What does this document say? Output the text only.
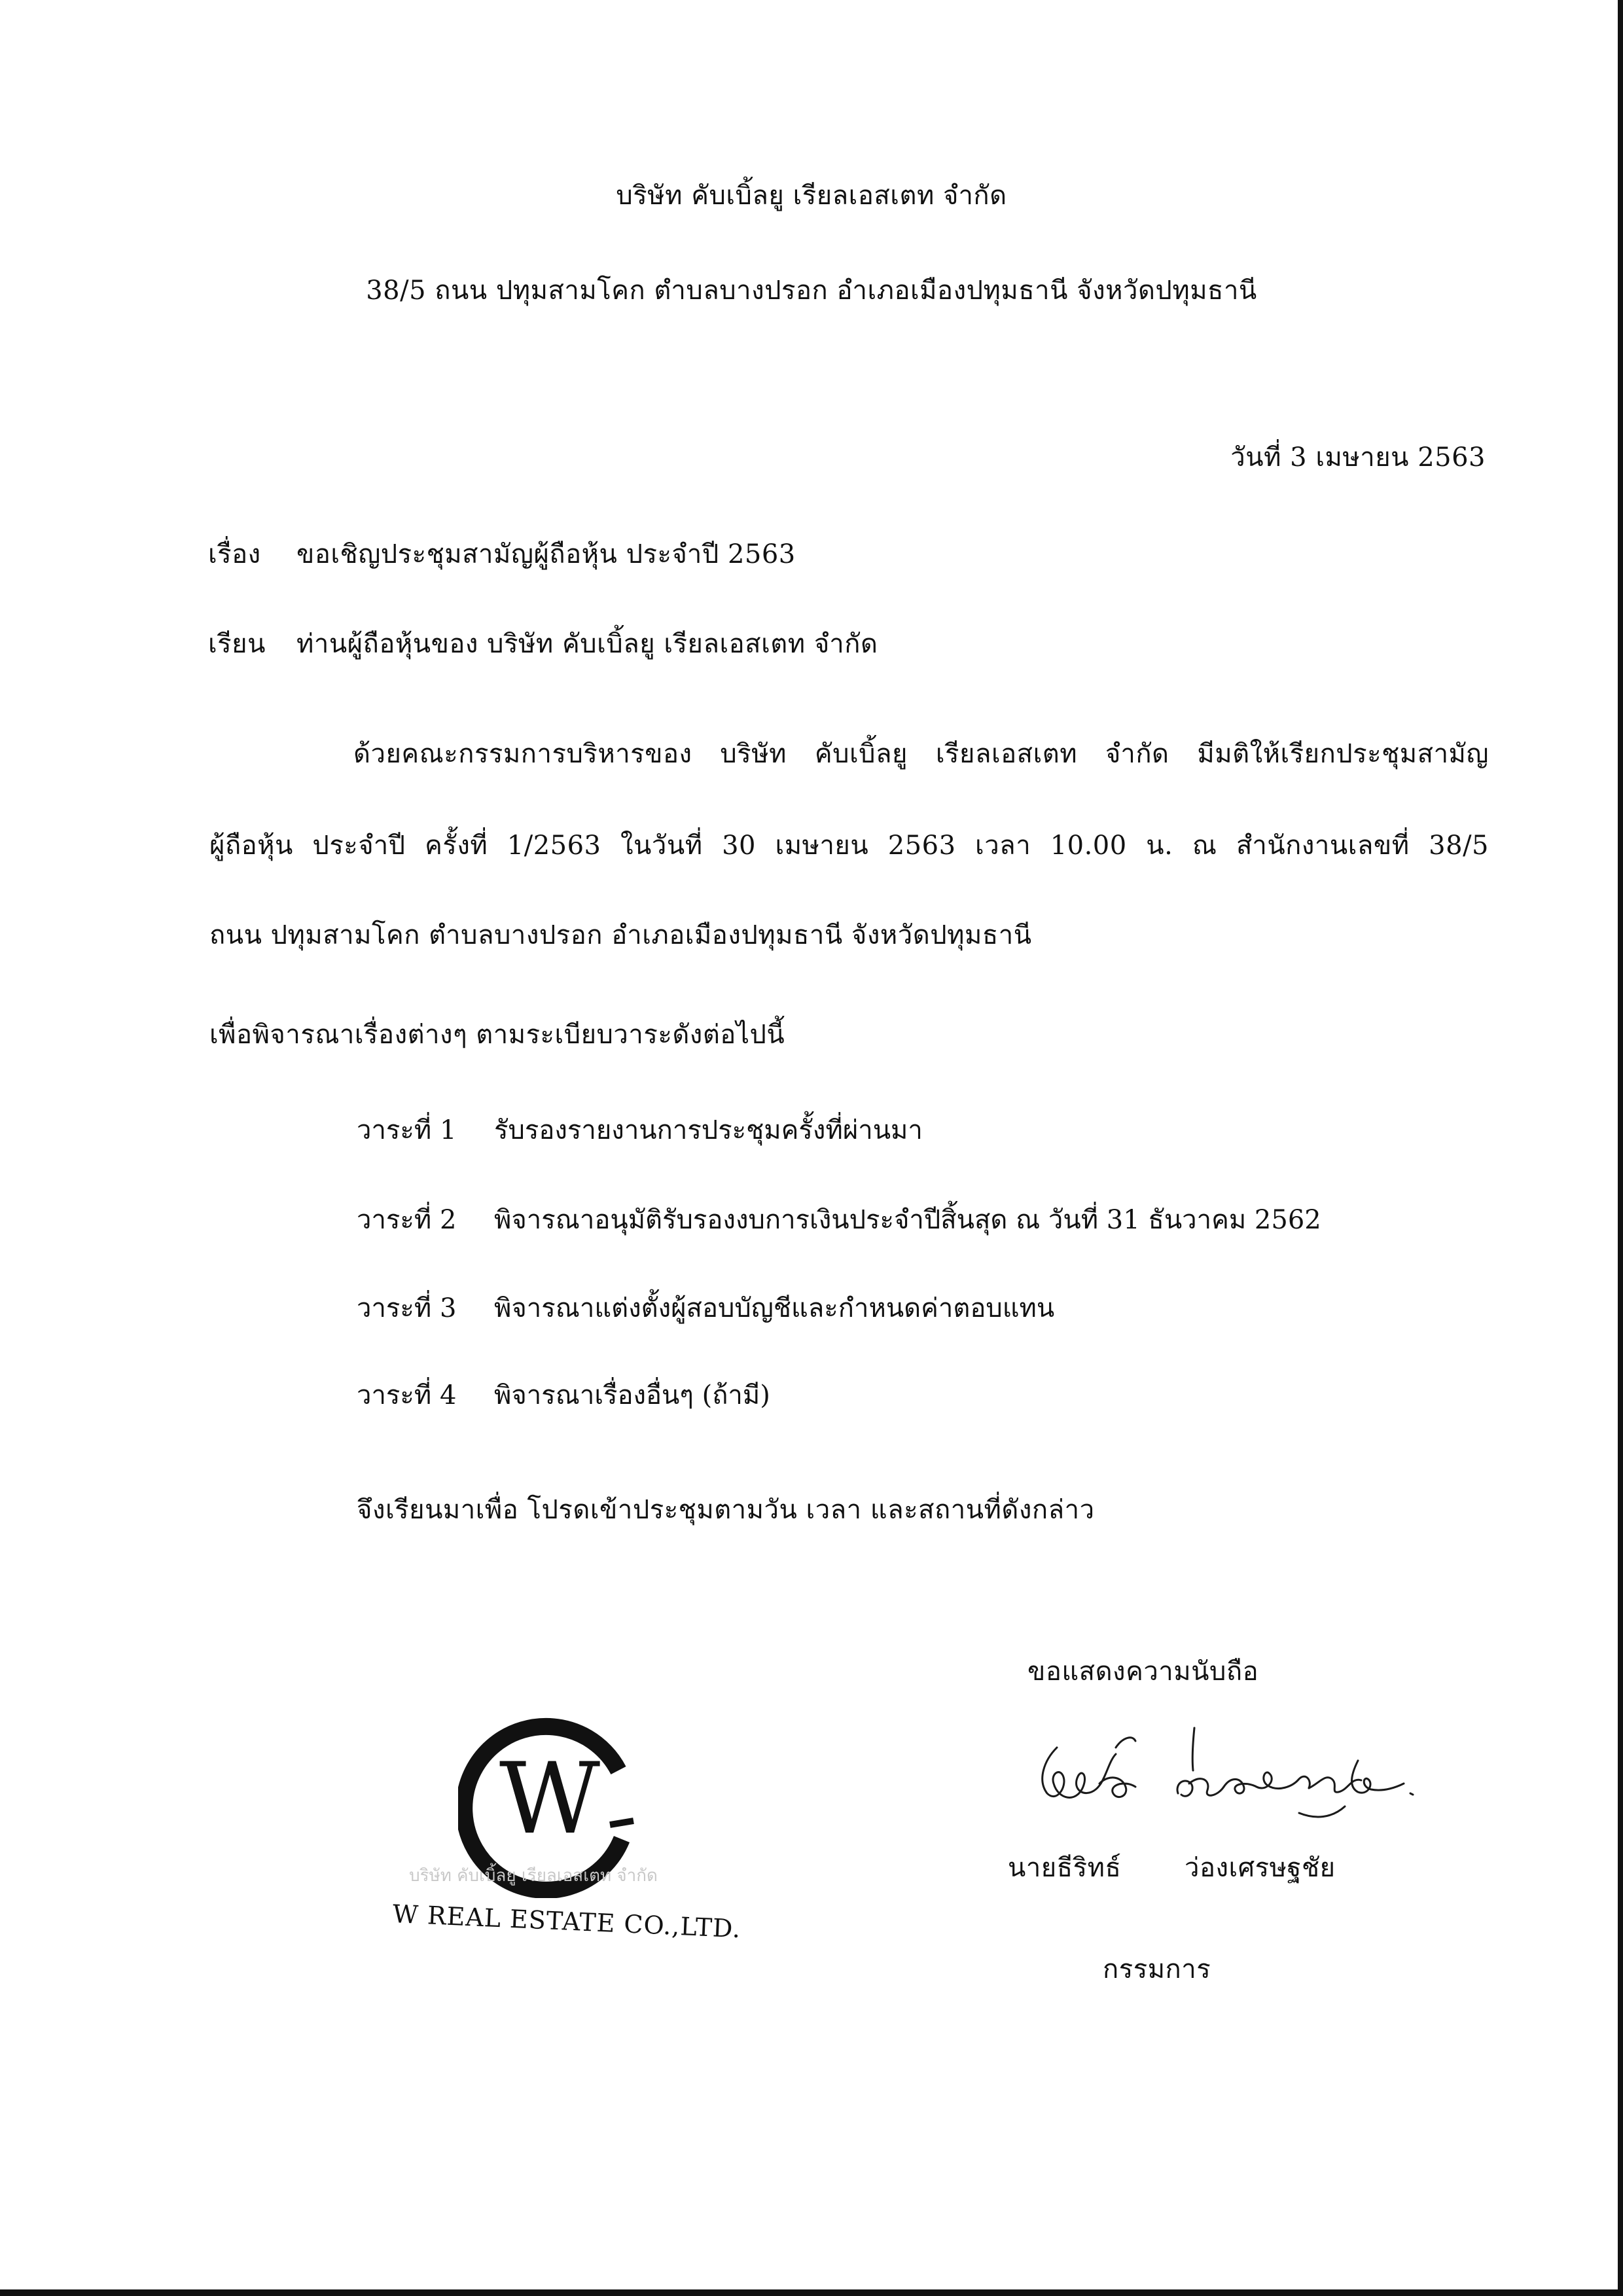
บริษัท คับเบิ้ลยู เรียลเอสเตท จำกัด
38/5 ถนน ปทุมสามโคก ตำบลบางปรอก อำเภอเมืองปทุมธานี จังหวัดปทุมธานี
วันที่ 3 เมษายน 2563
เรื่อง ขอเชิญประชุมสามัญผู้ถือหุ้น ประจำปี 2563
เรียน ท่านผู้ถือหุ้นของ บริษัท คับเบิ้ลยู เรียลเอสเตท จำกัด
ด้วยคณะกรรมการบริหารของ บริษัท คับเบิ้ลยู เรียลเอสเตท จำกัด มีมติให้เรียกประชุมสามัญ
ผู้ถือหุ้น ประจำปี ครั้งที่ 1/2563 ในวันที่ 30 เมษายน 2563 เวลา 10.00 น. ณ สำนักงานเลขที่ 38/5
ถนน ปทุมสามโคก ตำบลบางปรอก อำเภอเมืองปทุมธานี จังหวัดปทุมธานี
เพื่อพิจารณาเรื่องต่างๆ ตามระเบียบวาระดังต่อไปนี้
วาระที่ 1 รับรองรายงานการประชุมครั้งที่ผ่านมา
วาระที่ 2 พิจารณาอนุมัติรับรองงบการเงินประจำปีสิ้นสุด ณ วันที่ 31 ธันวาคม 2562
วาระที่ 3 พิจารณาแต่งตั้งผู้สอบบัญชีและกำหนดค่าตอบแทน
วาระที่ 4 พิจารณาเรื่องอื่นๆ (ถ้ามี)
จึงเรียนมาเพื่อ โปรดเข้าประชุมตามวัน เวลา และสถานที่ดังกล่าว
ขอแสดงความนับถือ
นายธีริทธ์ ว่องเศรษฐชัย
กรรมการ
W
บริษัท คับเบิ้ลยู เรียลเอสเตท จำกัด
W REAL ESTATE CO.,LTD.
